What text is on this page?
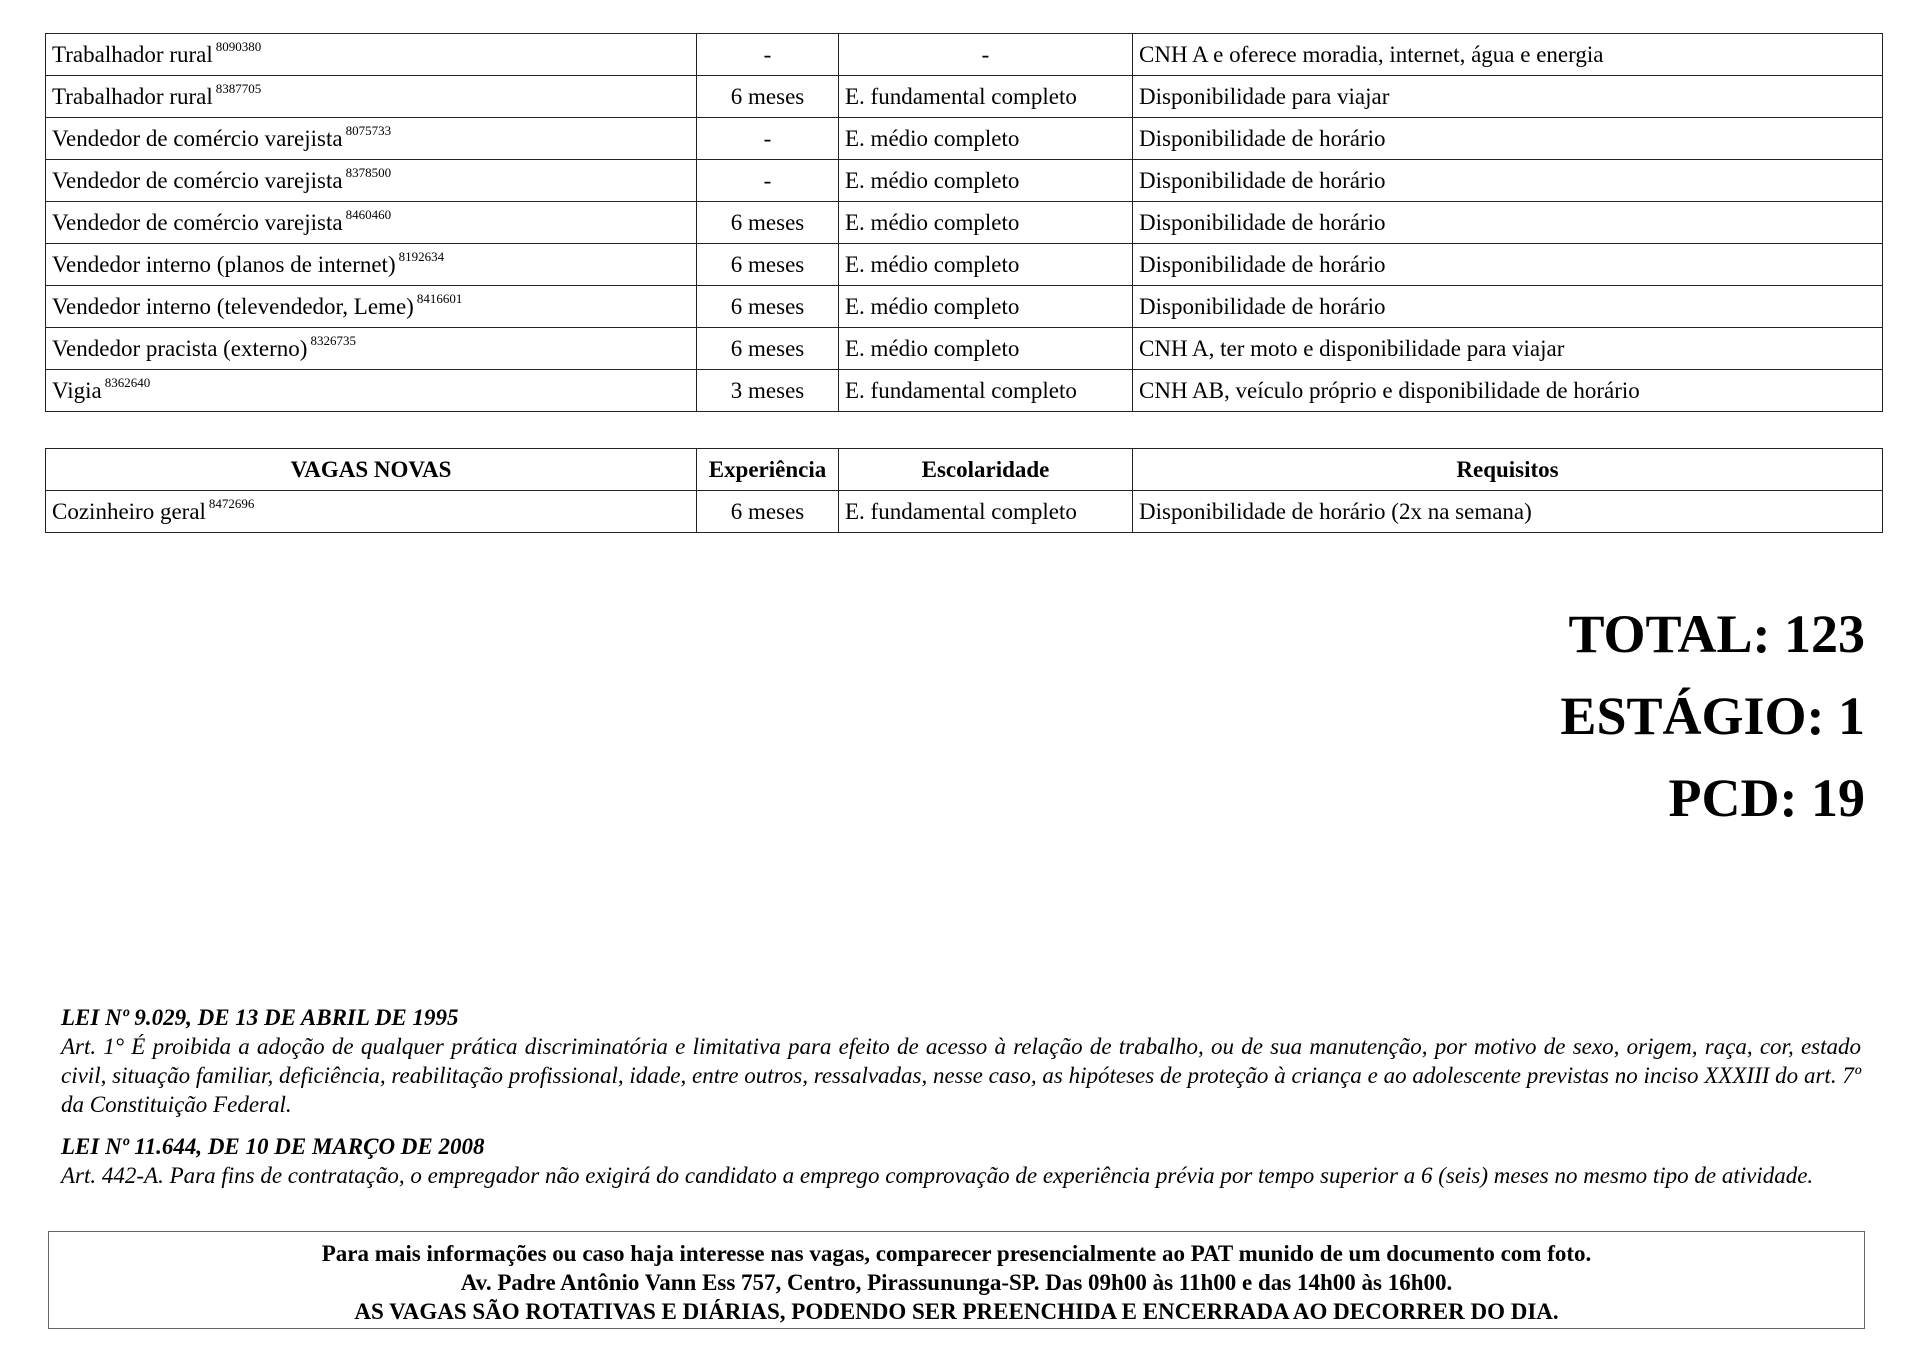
Trabalhador rural $^{8090380}$	-	-	CNH A e oferece moradia, internet, água e energia
Trabalhador rural $^{8387705}$	6 meses	E. fundamental completo	Disponibilidade para viajar
Vendedor de comércio varejista $^{8075733}$	-	E. médio completo	Disponibilidade de horário
Vendedor de comércio varejista $^{8378500}$	-	E. médio completo	Disponibilidade de horário
Vendedor de comércio varejista $^{8460460}$	6 meses	E. médio completo	Disponibilidade de horário
Vendedor interno (planos de internet) $^{8192634}$	6 meses	E. médio completo	Disponibilidade de horário
Vendedor interno (televendedor, Leme) $^{8416601}$	6 meses	E. médio completo	Disponibilidade de horário
Vendedor pracista (externo) $^{8326735}$	6 meses	E. médio completo	CNH A, ter moto e disponibilidade para viajar
Vigia $^{8362640}$	3 meses	E. fundamental completo	CNH AB, veículo próprio e disponibilidade de horário
VAGAS NOVAS	Experiência	Escolaridade	Requisitos
Cozinheiro geral $^{8472696}$	6 meses	E. fundamental completo	Disponibilidade de horário (2x na semana)
TOTAL: 123
ESTÁGIO: 1
PCD: 19
LEI Nº 9.029, DE 13 DE ABRIL DE 1995
Art. 1° É proibida a adoção de qualquer prática discriminatória e limitativa para efeito de acesso à relação de trabalho, ou de sua manutenção, por motivo de sexo, origem, raça, cor, estado civil, situação familiar, deficiência, reabilitação profissional, idade, entre outros, ressalvadas, nesse caso, as hipóteses de proteção à criança e ao adolescente previstas no inciso XXXIII do art. 7º da Constituição Federal.
LEI Nº 11.644, DE 10 DE MARÇO DE 2008
Art. 442-A. Para fins de contratação, o empregador não exigirá do candidato a emprego comprovação de experiência prévia por tempo superior a 6 (seis) meses no mesmo tipo de atividade.
Para mais informações ou caso haja interesse nas vagas, comparecer presencialmente ao PAT munido de um documento com foto.
Av. Padre Antônio Vann Ess 757, Centro, Pirassununga-SP. Das 09h00 às 11h00 e das 14h00 às 16h00.
AS VAGAS SÃO ROTATIVAS E DIÁRIAS, PODENDO SER PREENCHIDA E ENCERRADA AO DECORRER DO DIA.
